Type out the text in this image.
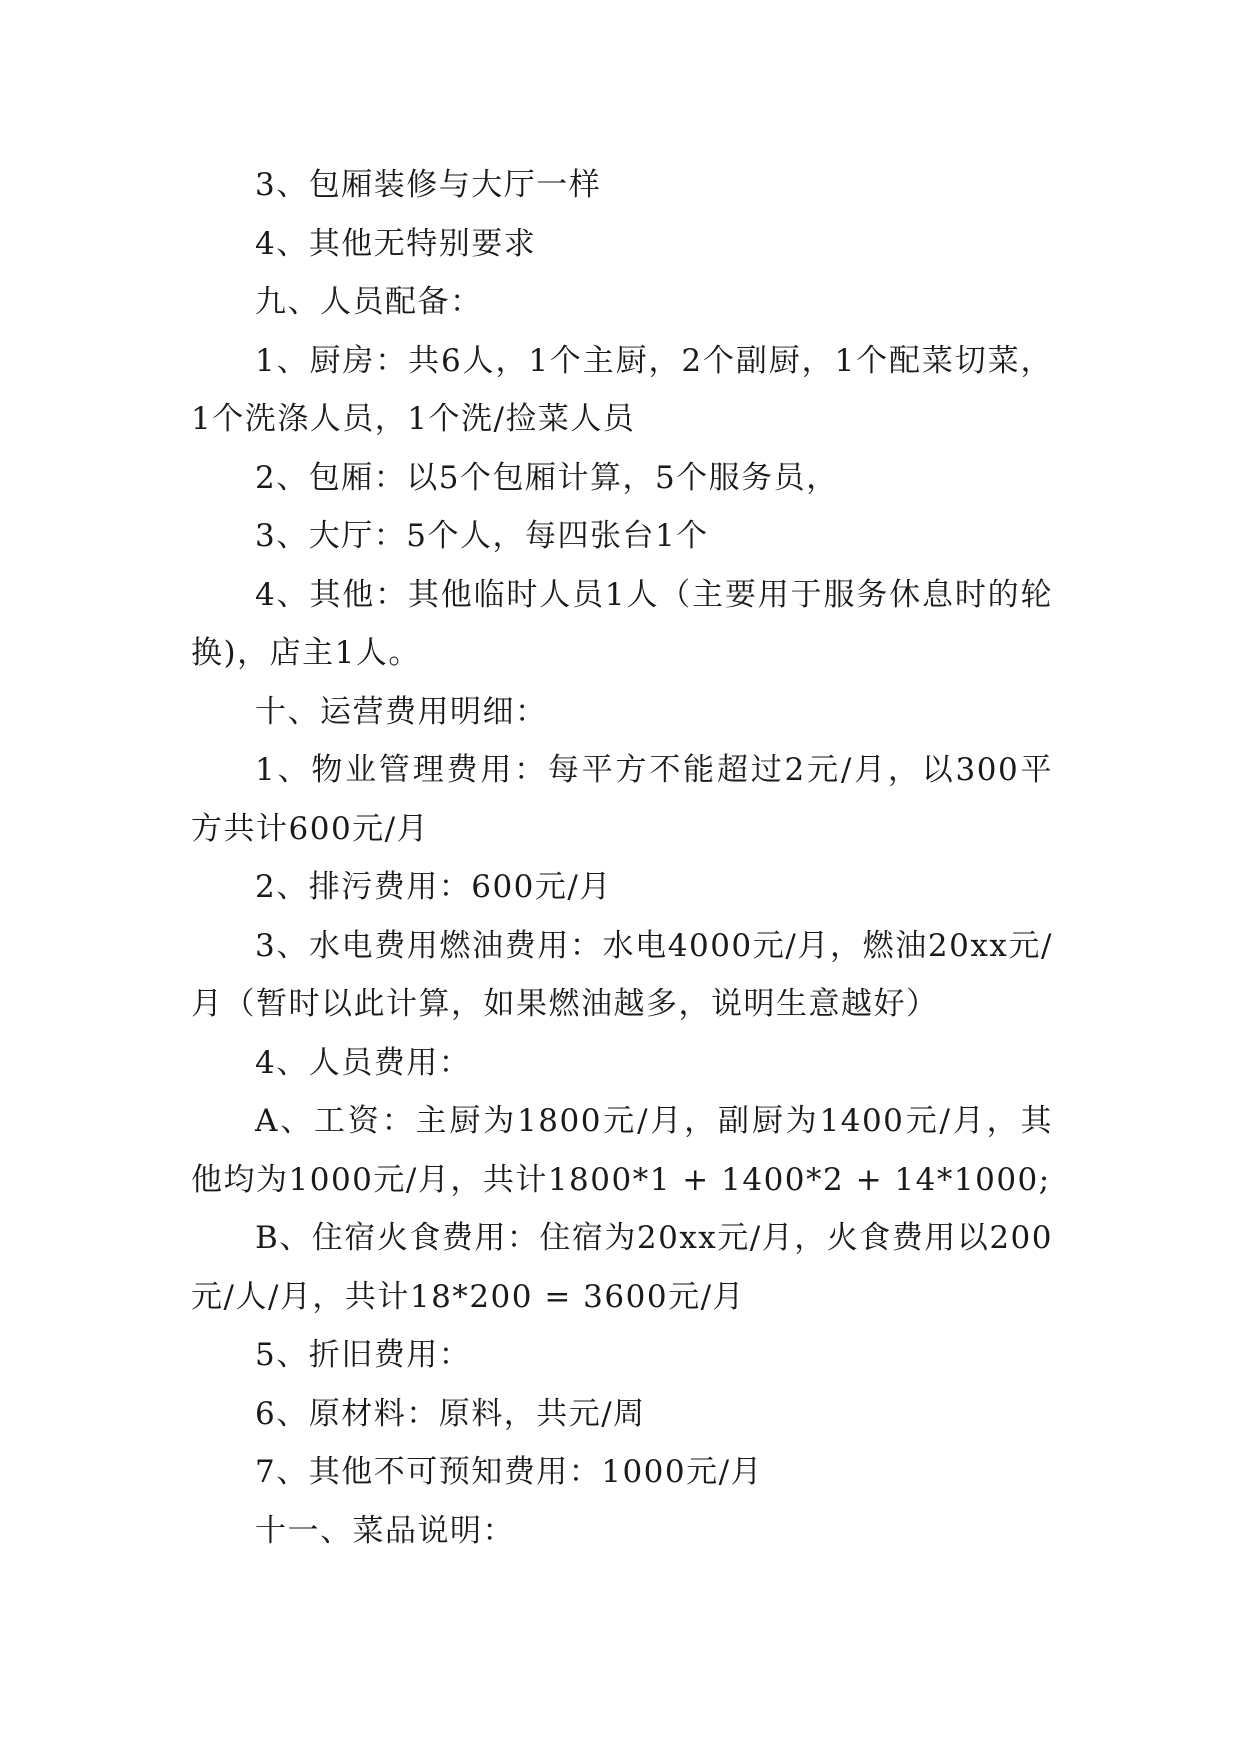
3、包厢装修与大厅一样

4、其他无特别要求

九、人员配备：

1、厨房：共6人，1个主厨，2个副厨，1个配菜切菜，1个洗涤人员，1个洗/捡菜人员

2、包厢：以5个包厢计算，5个服务员，

3、大厅：5个人，每四张台1个

4、其他：其他临时人员1人（主要用于服务休息时的轮换)，店主1人。

十、运营费用明细：

1、物业管理费用：每平方不能超过2元/月，以300平方共计600元/月

2、排污费用：600元/月

3、水电费用燃油费用：水电4000元/月，燃油20xx元/月（暂时以此计算，如果燃油越多，说明生意越好）

4、人员费用：

A、工资：主厨为1800元/月，副厨为1400元/月，其他均为1000元/月，共计1800*1 + 1400*2 + 14*1000;

B、住宿火食费用：住宿为20xx元/月，火食费用以200元/人/月，共计18*200 = 3600元/月

5、折旧费用：

6、原材料：原料，共元/周

7、其他不可预知费用：1000元/月

十一、菜品说明：
